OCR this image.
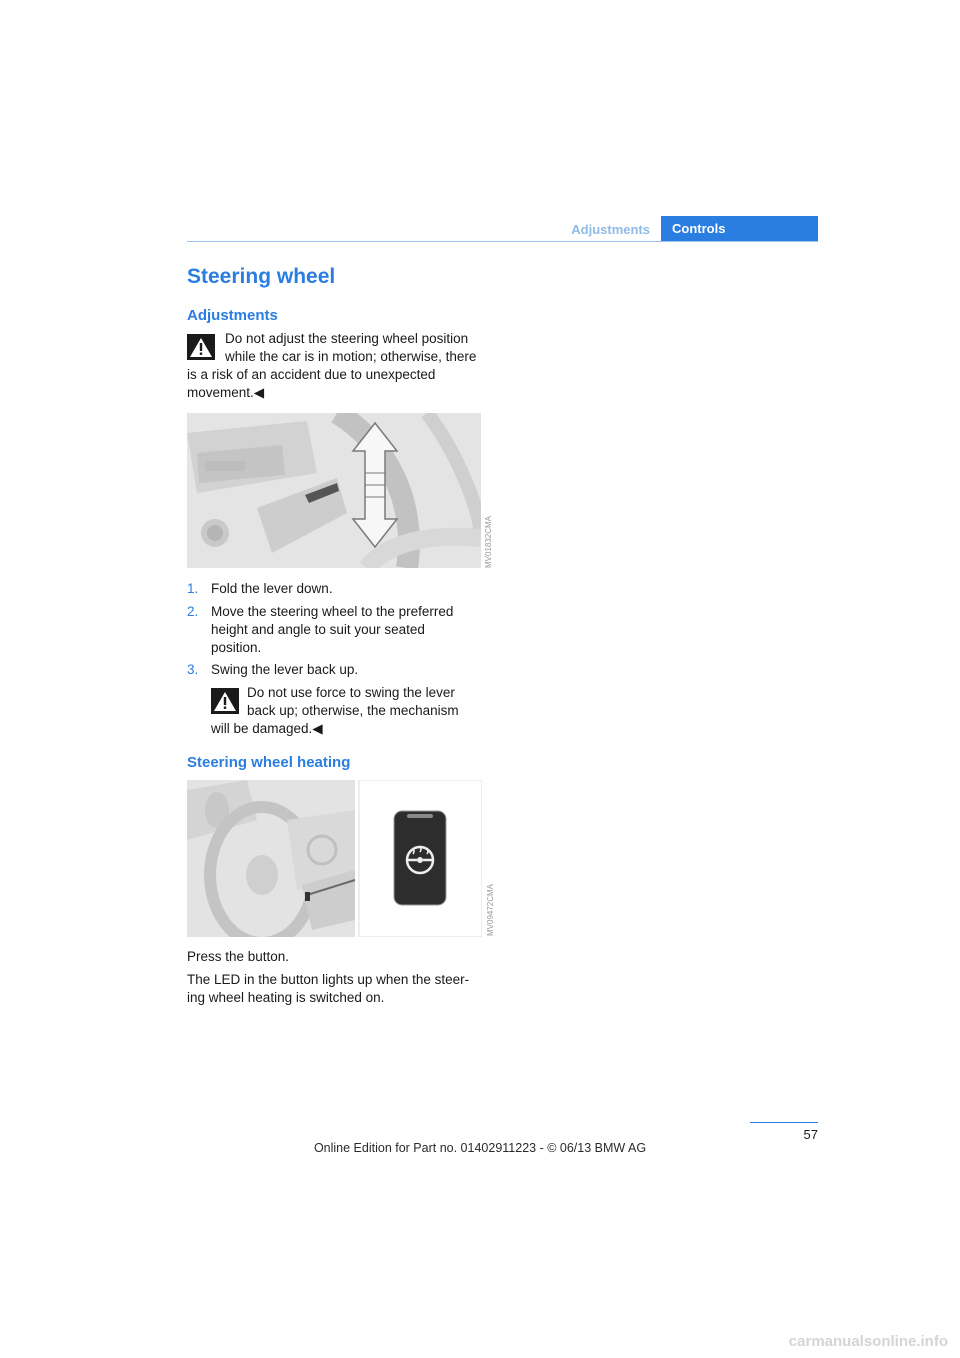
Adjustments	Controls
Steering wheel
Adjustments
Do not adjust the steering wheel position
while the car is in motion; otherwise, there
is a risk of an accident due to unexpected
movement.◀
MV01832CMA
1. Fold the lever down.
2. Move the steering wheel to the preferred
height and angle to suit your seated
position.
3. Swing the lever back up.
Do not use force to swing the lever
back up; otherwise, the mechanism
will be damaged.◀
Steering wheel heating
MV09472CMA
Press the button.
The LED in the button lights up when the steer-
ing wheel heating is switched on.
57
Online Edition for Part no. 01402911223 - © 06/13 BMW AG
carmanualsonline.info
